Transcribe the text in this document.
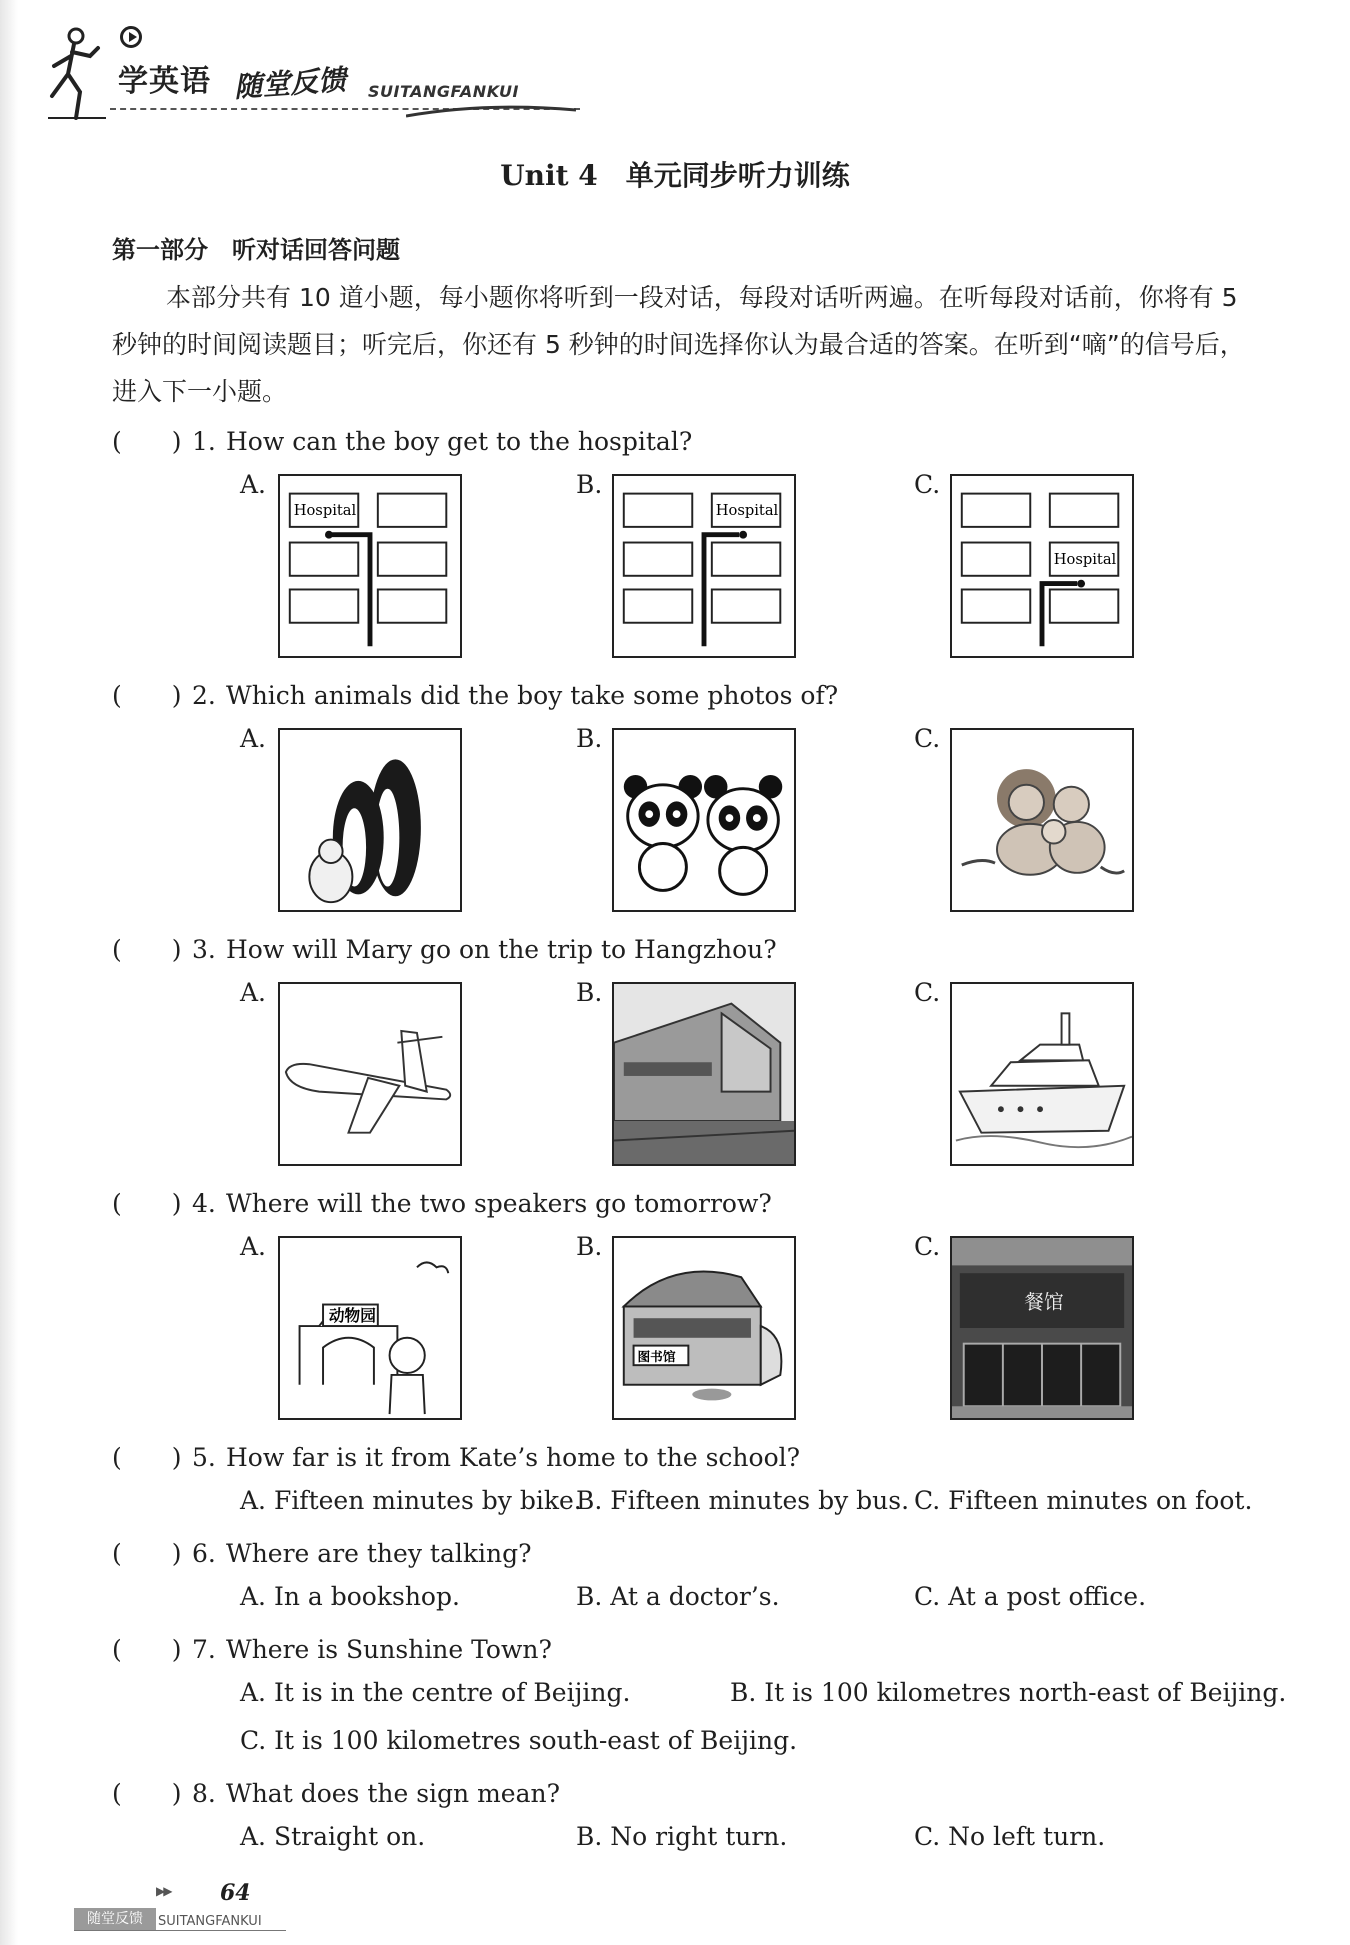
学英语 随堂反馈 SUITANGFANKUI
Unit 4　单元同步听力训练
第一部分　听对话回答问题
本部分共有 10 道小题，每小题你将听到一段对话，每段对话听两遍。在听每段对话前，你将有 5 秒钟的时间阅读题目；听完后，你还有 5 秒钟的时间选择你认为最合适的答案。在听到“嘀”的信号后，进入下一小题。
(　　) 1. How can the boy get to the hospital?
A.
Hospital
B.
Hospital
C.
Hospital
(　　) 2. Which animals did the boy take some photos of?
A.	B.	C.
(　　) 3. How will Mary go on the trip to Hangzhou?
A.	B.	C.
(　　) 4. Where will the two speakers go tomorrow?
A.
动物园
B.
图书馆
C.
餐馆
(　　) 5. How far is it from Kate’s home to the school?
A. Fifteen minutes by bike.
B. Fifteen minutes by bus. C. Fifteen minutes on foot.
(　　) 6. Where are they talking?
A. In a bookshop.	B. At a doctor’s.	C. At a post office.
(　　) 7. Where is Sunshine Town?
A. It is in the centre of Beijing.	B. It is 100 kilometres north-east of Beijing.
C. It is 100 kilometres south-east of Beijing.
(　　) 8. What does the sign mean?
A. Straight on.	B. No right turn.	C. No left turn.
▶▶ 64
随堂反馈	SUITANGFANKUI
